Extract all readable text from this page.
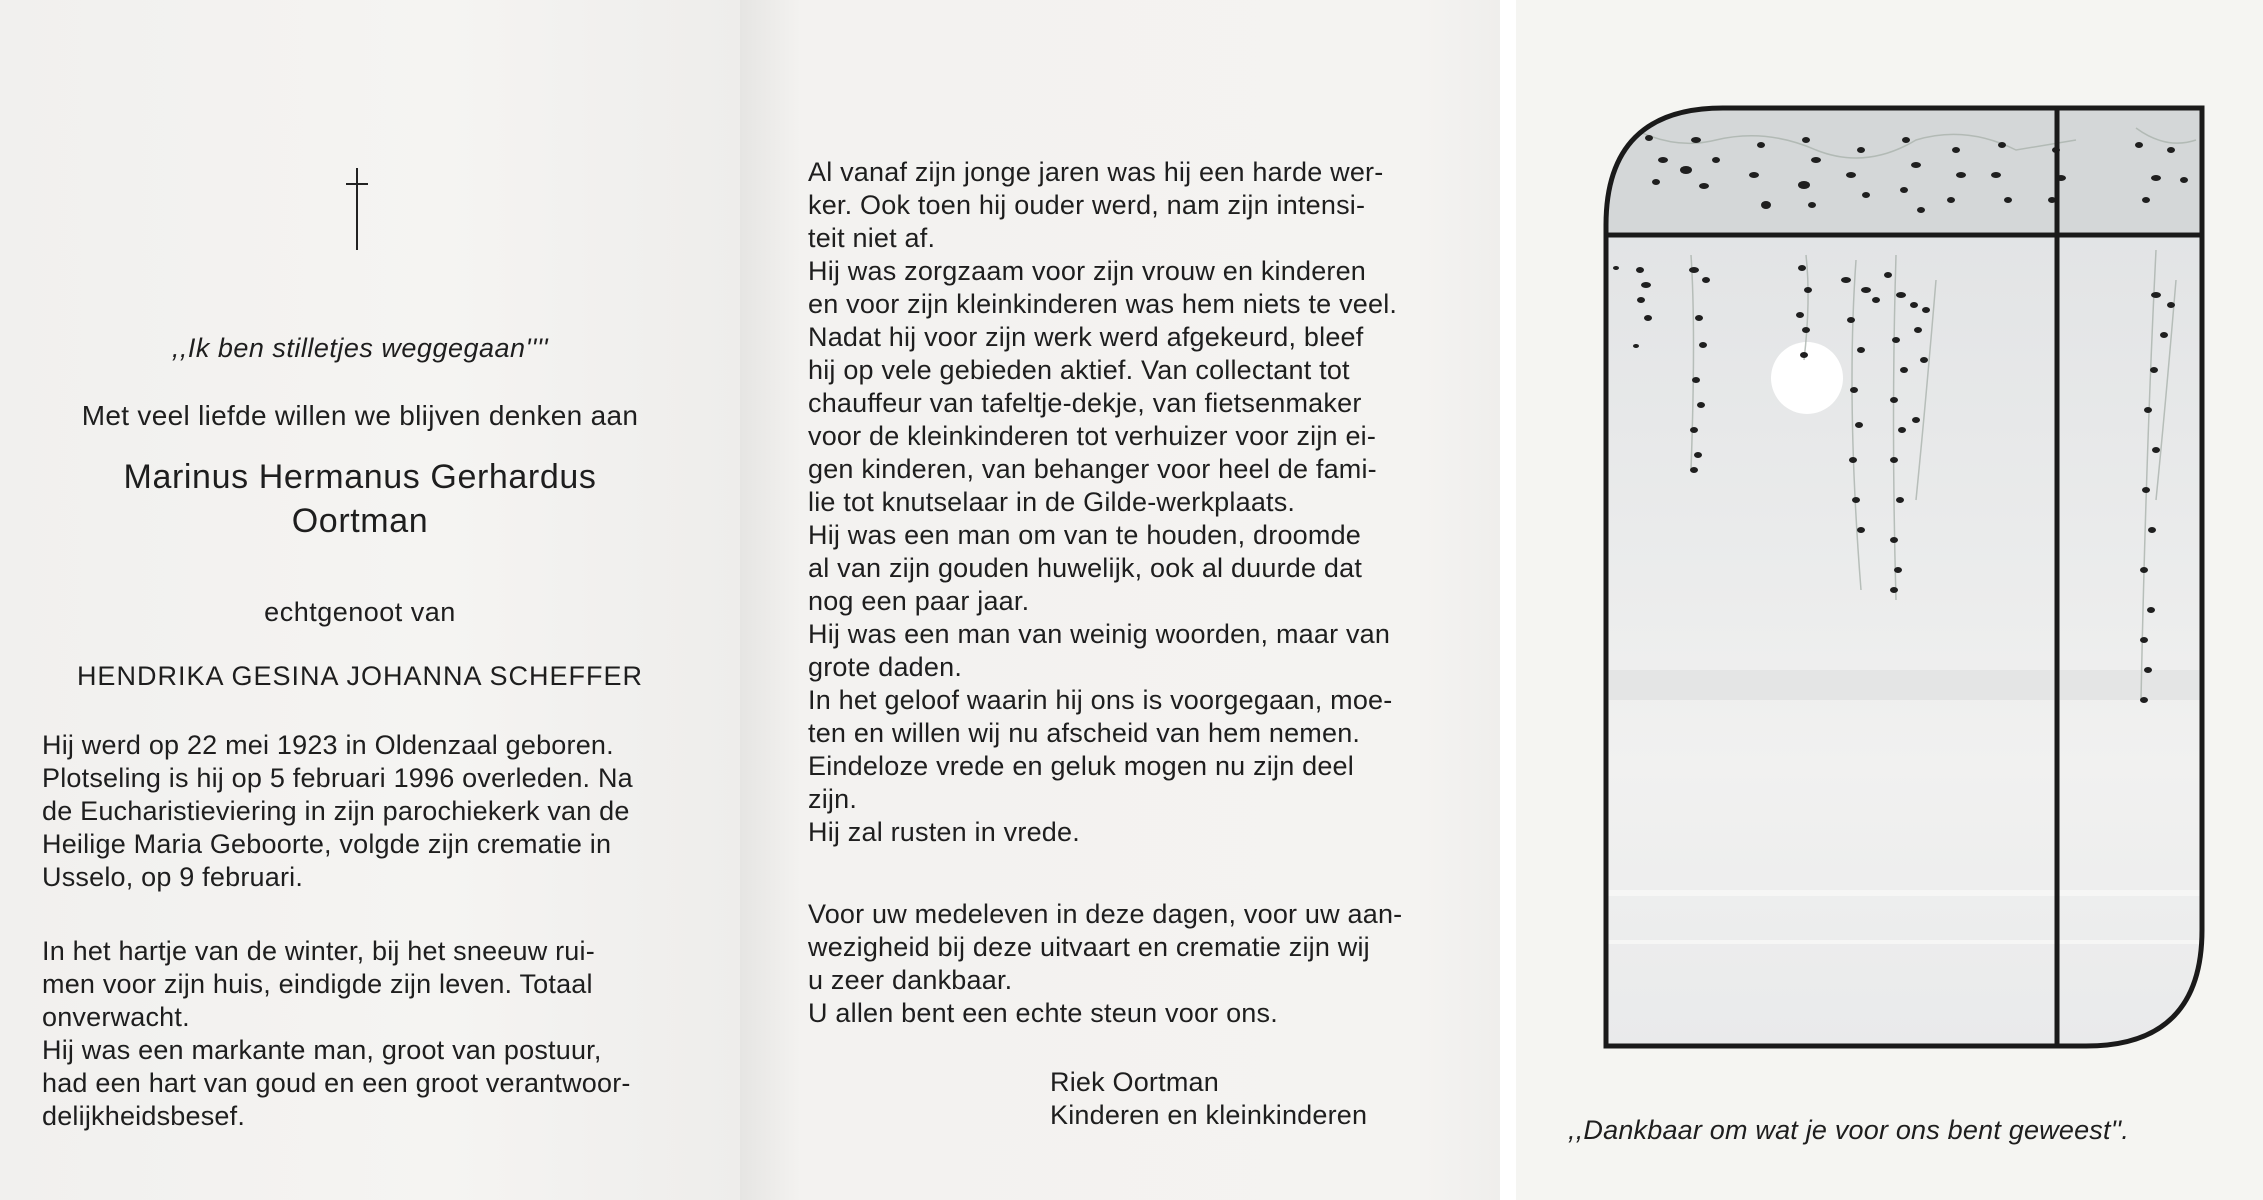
,,Ik ben stilletjes weggegaan''''
Met veel liefde willen we blijven denken aan
Marinus Hermanus Gerhardus
Oortman
echtgenoot van
HENDRIKA GESINA JOHANNA SCHEFFER
Hij werd op 22 mei 1923 in Oldenzaal geboren.
Plotseling is hij op 5 februari 1996 overleden. Na
de Eucharistieviering in zijn parochiekerk van de
Heilige Maria Geboorte, volgde zijn crematie in
Usselo, op 9 februari.
In het hartje van de winter, bij het sneeuw rui-
men voor zijn huis, eindigde zijn leven. Totaal
onverwacht.
Hij was een markante man, groot van postuur,
had een hart van goud en een groot verantwoor-
delijkheidsbesef.
Al vanaf zijn jonge jaren was hij een harde wer-
ker. Ook toen hij ouder werd, nam zijn intensi-
teit niet af.
Hij was zorgzaam voor zijn vrouw en kinderen
en voor zijn kleinkinderen was hem niets te veel.
Nadat hij voor zijn werk werd afgekeurd, bleef
hij op vele gebieden aktief. Van collectant tot
chauffeur van tafeltje-dekje, van fietsenmaker
voor de kleinkinderen tot verhuizer voor zijn ei-
gen kinderen, van behanger voor heel de fami-
lie tot knutselaar in de Gilde-werkplaats.
Hij was een man om van te houden, droomde
al van zijn gouden huwelijk, ook al duurde dat
nog een paar jaar.
Hij was een man van weinig woorden, maar van
grote daden.
In het geloof waarin hij ons is voorgegaan, moe-
ten en willen wij nu afscheid van hem nemen.
Eindeloze vrede en geluk mogen nu zijn deel
zijn.
Hij zal rusten in vrede.
Voor uw medeleven in deze dagen, voor uw aan-
wezigheid bij deze uitvaart en crematie zijn wij
u zeer dankbaar.
U allen bent een echte steun voor ons.
Riek Oortman
Kinderen en kleinkinderen	,,Dankbaar om wat je voor ons bent geweest''.
